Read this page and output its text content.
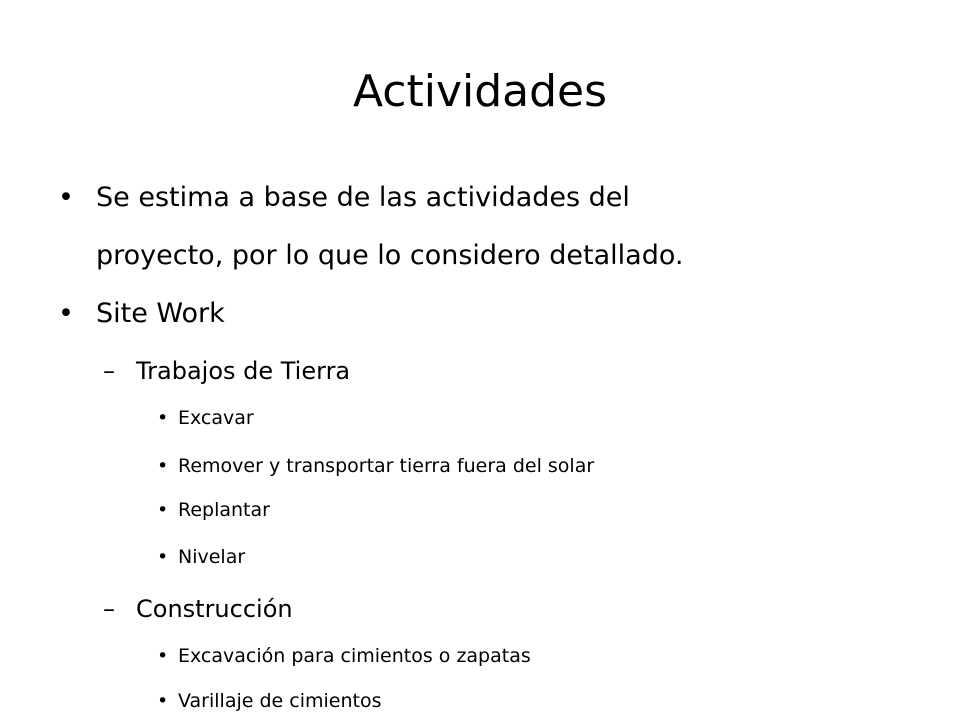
Actividades
• Se estima a base de las actividades del
proyecto, por lo que lo considero detallado.
• Site Work
– Trabajos de Tierra
• Excavar
• Remover y transportar tierra fuera del solar
• Replantar
• Nivelar
– Construcción
• Excavación para cimientos o zapatas
• Varillaje de cimientos
